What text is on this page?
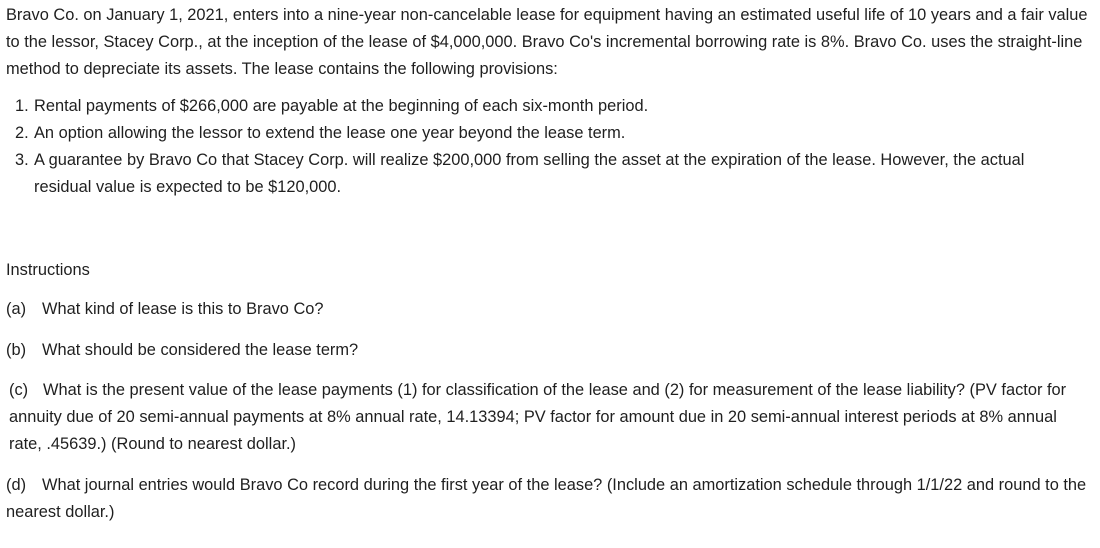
Bravo Co. on January 1, 2021, enters into a nine-year non-cancelable lease for equipment having an estimated useful life of 10 years and a fair value to the lessor, Stacey Corp., at the inception of the lease of $4,000,000. Bravo Co's incremental borrowing rate is 8%. Bravo Co. uses the straight-line method to depreciate its assets. The lease contains the following provisions:

1. Rental payments of $266,000 are payable at the beginning of each six-month period.
2. An option allowing the lessor to extend the lease one year beyond the lease term.
3. A guarantee by Bravo Co that Stacey Corp. will realize $200,000 from selling the asset at the expiration of the lease. However, the actual residual value is expected to be $120,000.
Instructions

(a) What kind of lease is this to Bravo Co?

(b) What should be considered the lease term?

(c) What is the present value of the lease payments (1) for classification of the lease and (2) for measurement of the lease liability? (PV factor for annuity due of 20 semi-annual payments at 8% annual rate, 14.13394; PV factor for amount due in 20 semi-annual interest periods at 8% annual rate, .45639.) (Round to nearest dollar.)

(d) What journal entries would Bravo Co record during the first year of the lease? (Include an amortization schedule through 1/1/22 and round to the nearest dollar.)
